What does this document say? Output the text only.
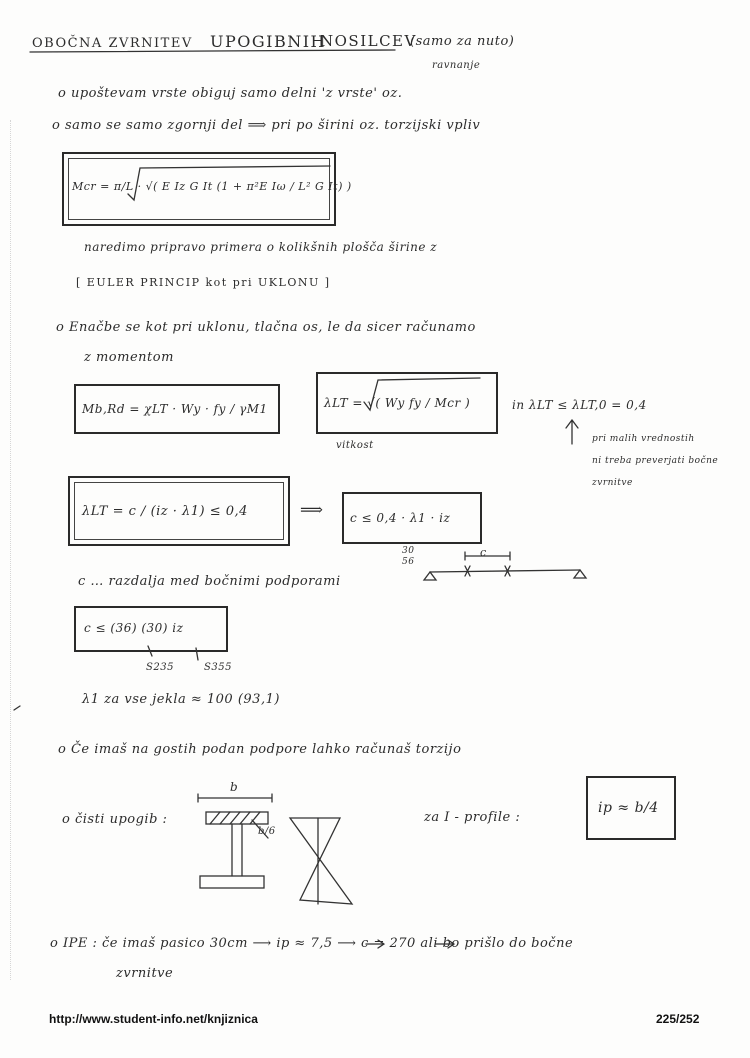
OBOČNA ZVRNITEV UPOGIBNIH
NOSILCEV
(samo za nuto)
ravnanje
o upoštevam vrste obiguj samo delni 'z vrste' oz.
o samo se samo zgornji del ⟹ pri po širini oz. torzijski vpliv
Mcr = π/L · √( E Iz G It (1 + π²E Iω / L² G It) )
naredimo pripravo primera o kolikšnih plošča širine z
[ EULER PRINCIP kot pri UKLONU ]
o Enačbe se kot pri uklonu, tlačna os, le da sicer računamo
z momentom
Mb,Rd = χLT · Wy · fy / γM1	λLT = √( Wy fy / Mcr )
vitkost
in λLT ≤ λLT,0 = 0,4
pri malih vrednostih
ni treba preverjati bočne
zvrnitve
λLT = c / (iz · λ1) ≤ 0,4	⟹ c ≤ 0,4 · λ1 · iz
30
56
c … razdalja med bočnimi podporami
c
c ≤ (36) (30) iz
S235	S355
λ1 za vse jekla ≈ 100 (93,1)
o Če imaš na gostih podan podpore lahko računaš torzijo
o čisti upogib :
b
b/6
za I - profile :
ip ≈ b/4
o IPE : če imaš pasico 30cm ⟶ ip ≈ 7,5 ⟶ c = 270 ali bo prišlo do bočne
zvrnitve
http://www.student-info.net/knjiznica	225/252
